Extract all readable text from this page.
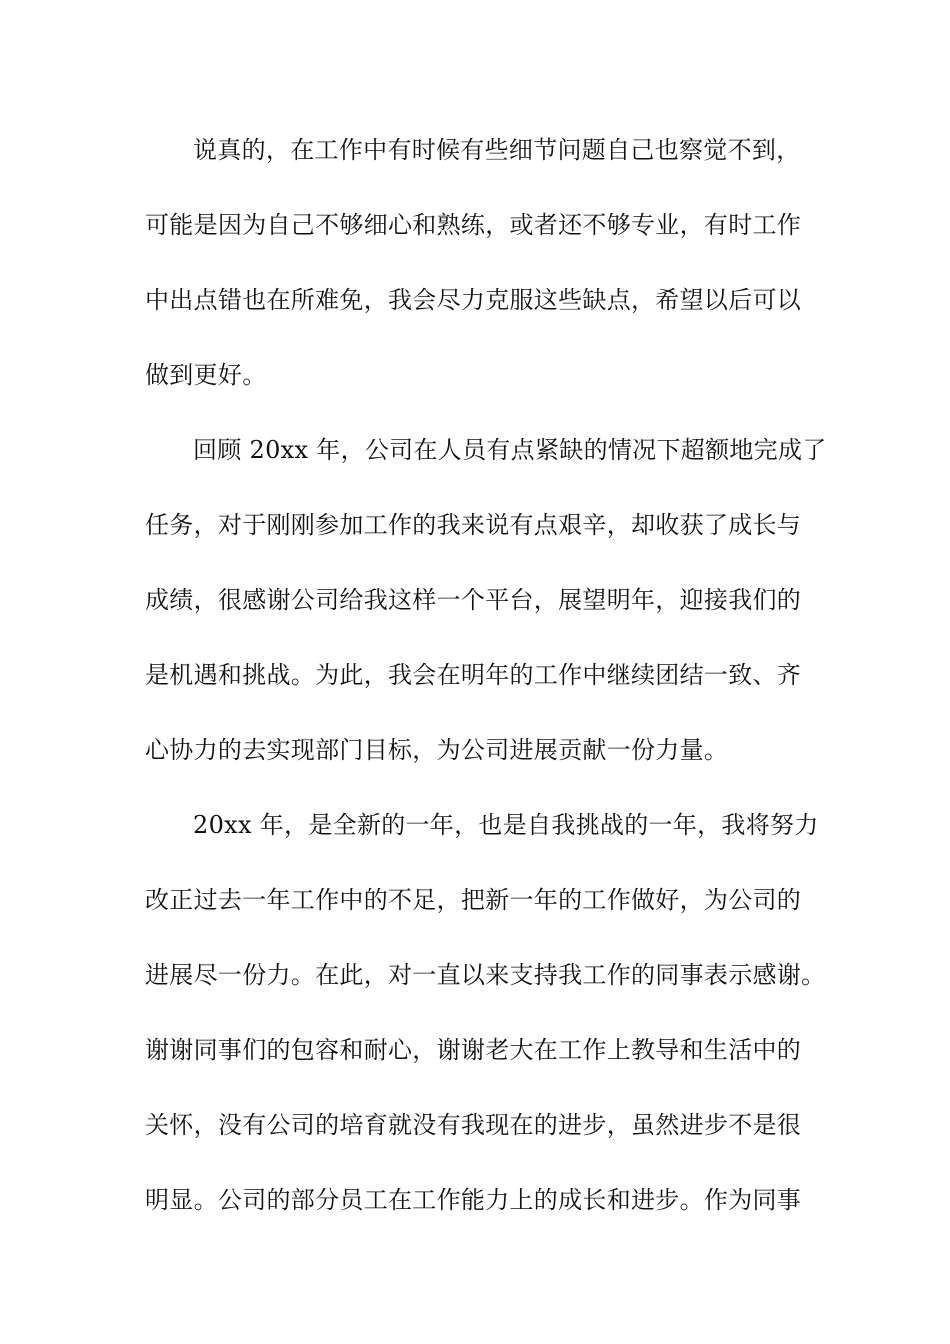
说真的，在工作中有时候有些细节问题自己也察觉不到，
可能是因为自己不够细心和熟练，或者还不够专业，有时工作
中出点错也在所难免，我会尽力克服这些缺点，希望以后可以
做到更好。
回顾 20xx 年，公司在人员有点紧缺的情况下超额地完成了
任务，对于刚刚参加工作的我来说有点艰辛，却收获了成长与
成绩，很感谢公司给我这样一个平台，展望明年，迎接我们的
是机遇和挑战。为此，我会在明年的工作中继续团结一致、齐
心协力的去实现部门目标，为公司进展贡献一份力量。
20xx 年，是全新的一年，也是自我挑战的一年，我将努力
改正过去一年工作中的不足，把新一年的工作做好，为公司的
进展尽一份力。在此，对一直以来支持我工作的同事表示感谢。
谢谢同事们的包容和耐心，谢谢老大在工作上教导和生活中的
关怀，没有公司的培育就没有我现在的进步，虽然进步不是很
明显。公司的部分员工在工作能力上的成长和进步。作为同事
